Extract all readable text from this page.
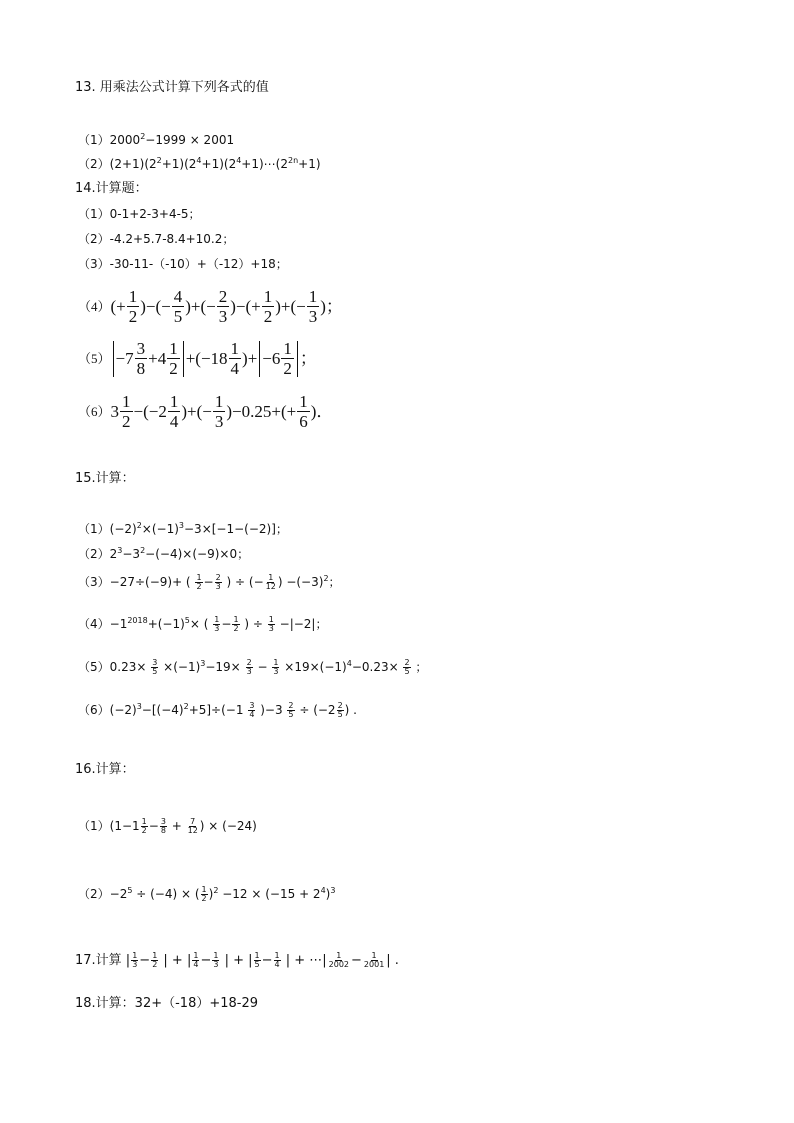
13. 用乘法公式计算下列各式的值
$(1)2000^2-1999 \times 2001$
$(2)(2+1)(2^2+1)(2^4+1)(2^4+1)\cdots(2^{2n}+1)$
14.计算题：
（1）0-1+2-3+4-5；
（2）-4.2+5.7-8.4+10.2；
（3）-30-11-（-10）+（-12）+18；
（4） (+ $\frac{1}{2}$ )−(− $\frac{4}{5}$ )+(− $\frac{2}{3}$ )−(+ $\frac{1}{2}$ )+(− $\frac{1}{3}$ )；
$(5) -7 \frac{3}{8} +4 \frac{1}{2} +(-18 \frac{1}{4}$ )+ $-6 \frac{1}{2}$ ；
（6） $3 \frac{1}{2} -(-2 \frac{1}{4}$ )+(− $\frac{1}{3} )-0.25+(+ \frac{1}{6}$ )．
15.计算：
$(1)(-2)^2\times(-1)^3-3\times[-1-(-2)]$；
$(2)2^3-3^2-(-4)\times(-9)\times 0$；
（3）−27÷(−9)+ ( $\frac{1}{2} - \frac{2}{3}$ ) ÷ (− $\frac{1}{12}$ ) $-(-3)^2$；
$(4)-1^{2018}+(-1)^5\times$ ( $\frac{1}{3} - \frac{1}{2}$ ) ÷ $\frac{1}{3} -|-2|$；
$(5)0.23\times \frac{3}{5} \times(-1)^3-19\times \frac{2}{3} - \frac{1}{3} \times 19\times(-1)^4-0.23\times \frac{2}{5}$ ；
$(6)(-2)^3-[(-4)^2+5]\div(-1 \frac{3}{4} )-3 \frac{2}{5} \div (-2 \frac{2}{5}$ ) .
16.计算：
$(1)(1-1 \frac{1}{2} - \frac{3}{8} + \frac{7}{12}$ ) × (−24)
$(2)-2^5 \div (-4)$ × ( $\frac{1}{2} )^2 -12 \times (-15 + 2^4)^3$
17.计算 | $\frac{1}{3} - \frac{1}{2}$ | + | $\frac{1}{4} - \frac{1}{3}$ | + | $\frac{1}{5} - \frac{1}{4}$ | + ⋯| $\frac{1}{2002} - \frac{1}{2001}$ | .
18.计算：32+（-18）+18-29
